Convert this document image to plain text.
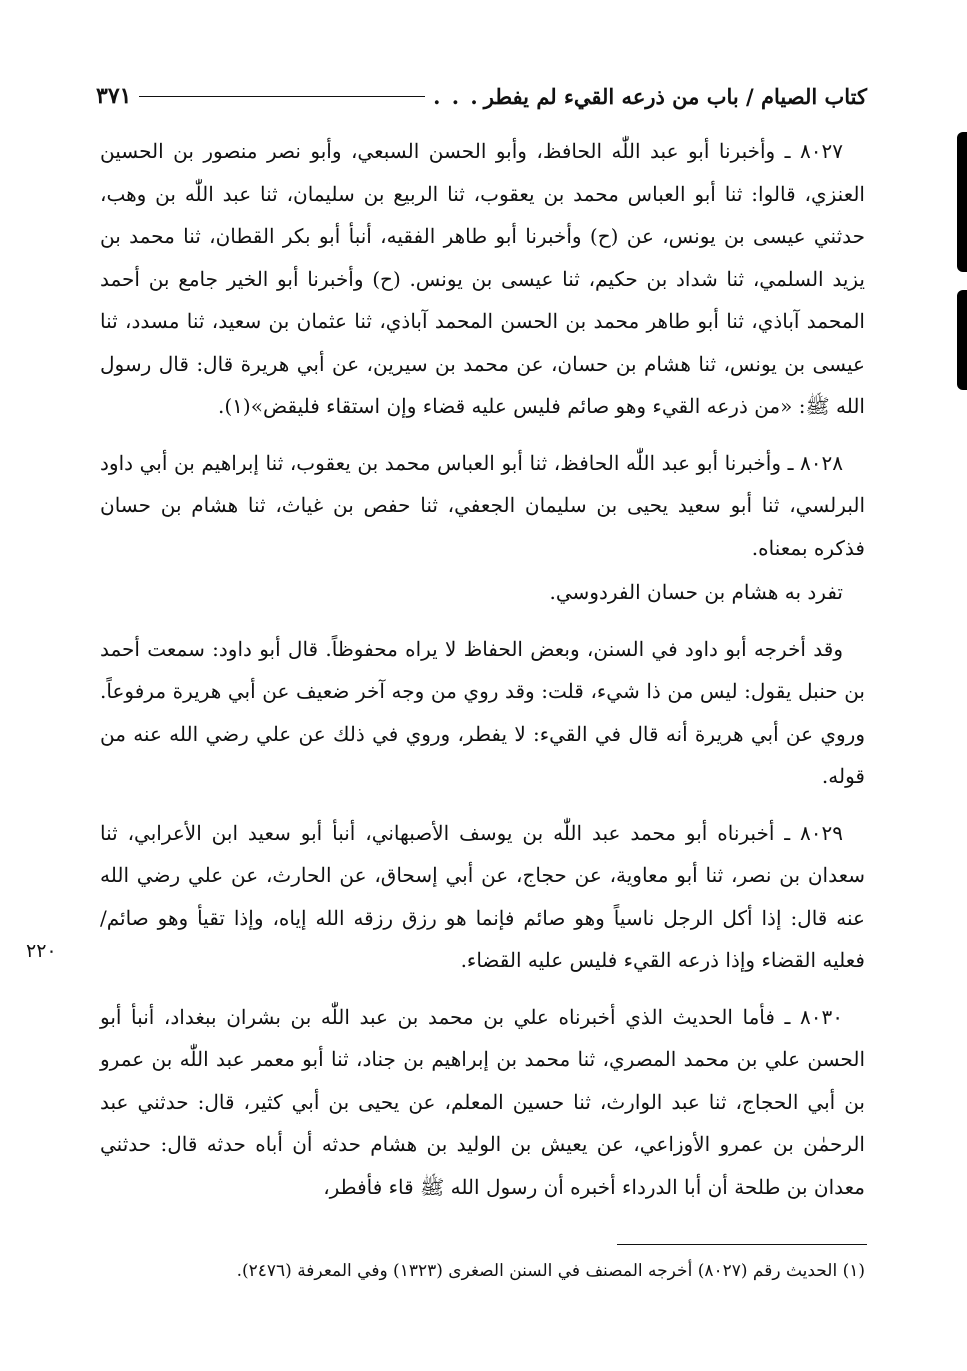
كتاب الصيام / باب من ذرعه القيء لم يفطر
. . .
٣٧١

٨٠٢٧ ـ وأخبرنا أبو عبد اللّٰه الحافظ، وأبو الحسن السبعي، وأبو نصر منصور بن الحسين العنزي، قالوا: ثنا أبو العباس محمد بن يعقوب، ثنا الربيع بن سليمان، ثنا عبد اللّٰه بن وهب، حدثني عيسى بن يونس، عن (ح) وأخبرنا أبو طاهر الفقيه، أنبأ أبو بكر القطان، ثنا محمد بن يزيد السلمي، ثنا شداد بن حكيم، ثنا عيسى بن يونس. (ح) وأخبرنا أبو الخير جامع بن أحمد المحمد آباذي، ثنا أبو طاهر محمد بن الحسن المحمد آباذي، ثنا عثمان بن سعيد، ثنا مسدد، ثنا عيسى بن يونس، ثنا هشام بن حسان، عن محمد بن سيرين، عن أبي هريرة قال: قال رسول الله ﷺ: «من ذرعه القيء وهو صائم فليس عليه قضاء وإن استقاء فليقض»(١).

٨٠٢٨ ـ وأخبرنا أبو عبد اللّٰه الحافظ، ثنا أبو العباس محمد بن يعقوب، ثنا إبراهيم بن أبي داود البرلسي، ثنا أبو سعيد يحيى بن سليمان الجعفي، ثنا حفص بن غياث، ثنا هشام بن حسان فذكره بمعناه.

تفرد به هشام بن حسان الفردوسي.

وقد أخرجه أبو داود في السنن، وبعض الحفاظ لا يراه محفوظاً. قال أبو داود: سمعت أحمد بن حنبل يقول: ليس من ذا شيء، قلت: وقد روي من وجه آخر ضعيف عن أبي هريرة مرفوعاً. وروي عن أبي هريرة أنه قال في القيء: لا يفطر، وروي في ذلك عن علي رضي الله عنه من قوله.

٨٠٢٩ ـ أخبرناه أبو محمد عبد اللّٰه بن يوسف الأصبهاني، أنبأ أبو سعيد ابن الأعرابي، ثنا سعدان بن نصر، ثنا أبو معاوية، عن حجاج، عن أبي إسحاق، عن الحارث، عن علي رضي الله عنه قال: إذا أكل الرجل ناسياً وهو صائم فإنما هو رزق رزقه الله إياه، وإذا تقيأ وهو صائم/ فعليه القضاء وإذا ذرعه القيء فليس عليه القضاء.

٨٠٣٠ ـ فأما الحديث الذي أخبرناه علي بن محمد بن عبد اللّٰه بن بشران ببغداد، أنبأ أبو الحسن علي بن محمد المصري، ثنا محمد بن إبراهيم بن جناد، ثنا أبو معمر عبد اللّٰه بن عمرو بن أبي الحجاج، ثنا عبد الوارث، ثنا حسين المعلم، عن يحيى بن أبي كثير، قال: حدثني عبد الرحمٰن بن عمرو الأوزاعي، عن يعيش بن الوليد بن هشام حدثه أن أباه حدثه قال: حدثني معدان بن طلحة أن أبا الدرداء أخبره أن رسول الله ﷺ قاء فأفطر،

٢٢٠
(١) الحديث رقم (٨٠٢٧) أخرجه المصنف في السنن الصغرى (١٣٢٣) وفي المعرفة (٢٤٧٦).
